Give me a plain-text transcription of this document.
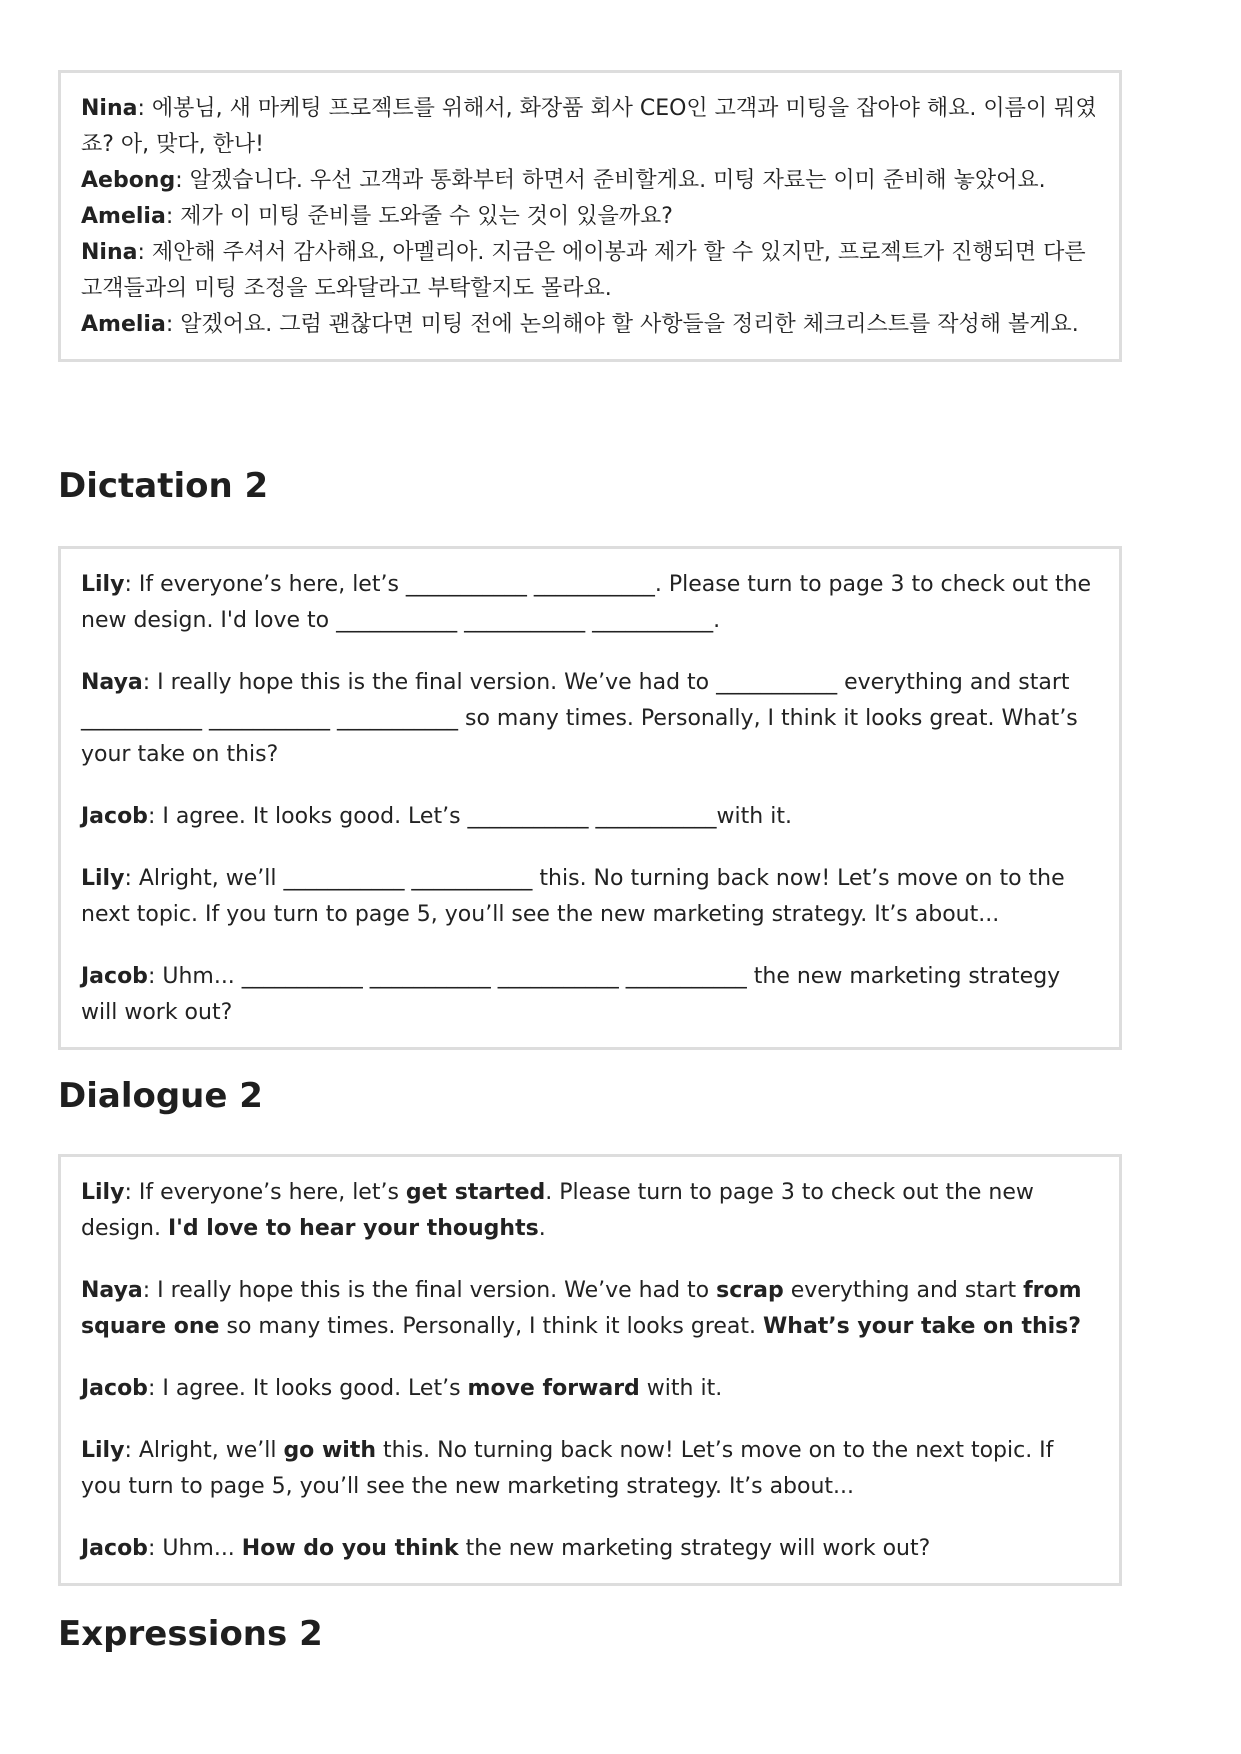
Nina: 에봉님, 새 마케팅 프로젝트를 위해서, 화장품 회사 CEO인 고객과 미팅을 잡아야 해요. 이름이 뭐였죠? 아, 맞다, 한나!

Aebong: 알겠습니다. 우선 고객과 통화부터 하면서 준비할게요. 미팅 자료는 이미 준비해 놓았어요.

Amelia: 제가 이 미팅 준비를 도와줄 수 있는 것이 있을까요?

Nina: 제안해 주셔서 감사해요, 아멜리아. 지금은 에이봉과 제가 할 수 있지만, 프로젝트가 진행되면 다른 고객들과의 미팅 조정을 도와달라고 부탁할지도 몰라요.

Amelia: 알겠어요. 그럼 괜찮다면 미팅 전에 논의해야 할 사항들을 정리한 체크리스트를 작성해 볼게요.

Dictation 2

Lily: If everyone’s here, let’s ___________ ___________. Please turn to page 3 to check out the new design. I'd love to ___________ ___________ ___________.

Naya: I really hope this is the final version. We’ve had to ___________ everything and start ___________ ___________ ___________ so many times. Personally, I think it looks great. What’s your take on this?

Jacob: I agree. It looks good. Let’s ___________ ___________with it.

Lily: Alright, we’ll ___________ ___________ this. No turning back now! Let’s move on to the next topic. If you turn to page 5, you’ll see the new marketing strategy. It’s about...

Jacob: Uhm... ___________ ___________ ___________ ___________ the new marketing strategy will work out?

Dialogue 2

Lily: If everyone’s here, let’s get started. Please turn to page 3 to check out the new design. I'd love to hear your thoughts.

Naya: I really hope this is the final version. We’ve had to scrap everything and start from square one so many times. Personally, I think it looks great. What’s your take on this?

Jacob: I agree. It looks good. Let’s move forward with it.

Lily: Alright, we’ll go with this. No turning back now! Let’s move on to the next topic. If you turn to page 5, you’ll see the new marketing strategy. It’s about...

Jacob: Uhm... How do you think the new marketing strategy will work out?

Expressions 2
